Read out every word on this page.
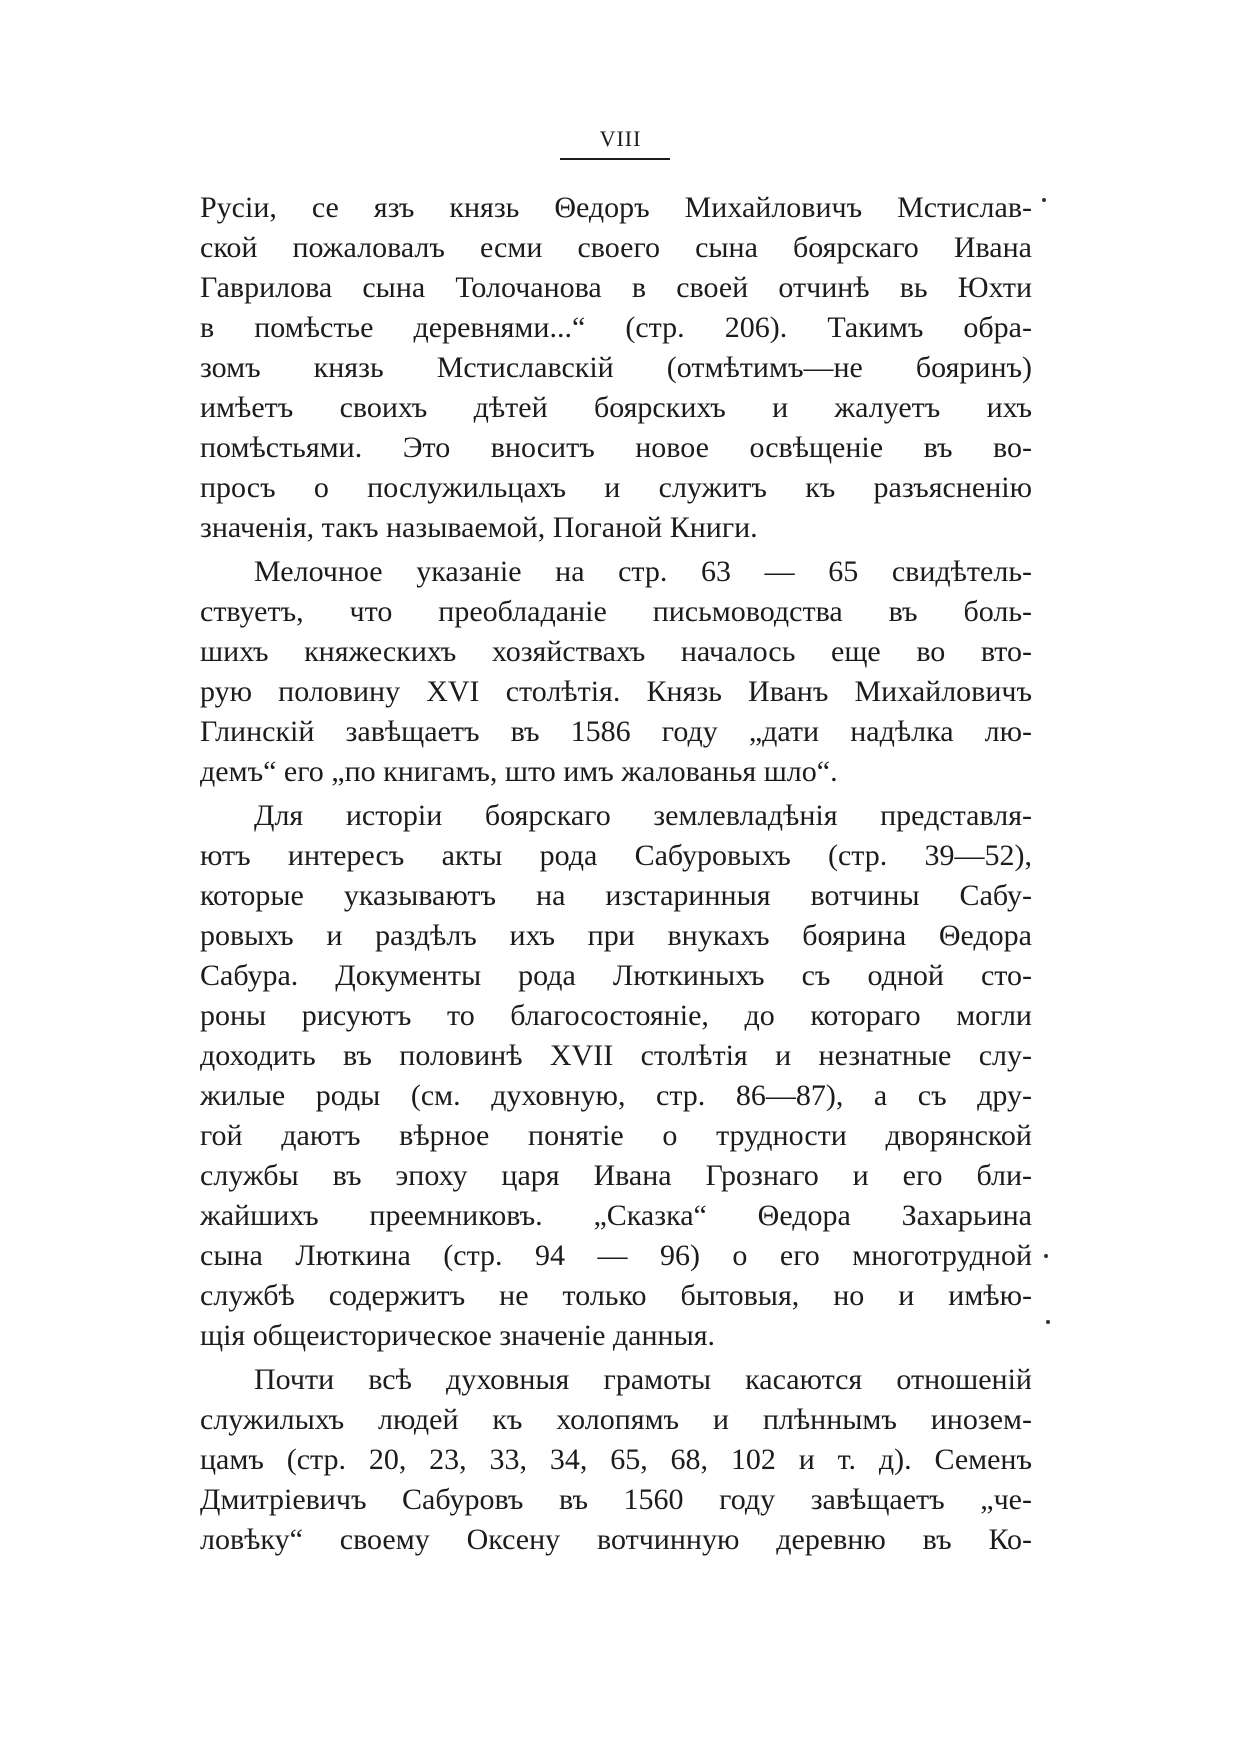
VIII
Русiи, се язъ князь Θедоръ Михайловичъ Мстислав-
ской пожаловалъ есми своего сына боярскаго Ивана
Гаврилова сына Толочанова в своей отчинѣ вь Юхти
в помѣстье деревнями...“ (стр. 206). Такимъ обра-
зомъ князь Мстиславскiй (отмѣтимъ—не бояринъ)
имѣетъ своихъ дѣтей боярскихъ и жалуетъ ихъ
помѣстьями. Это вноситъ новое освѣщенiе въ во-
просъ о послужильцахъ и служитъ къ разъясненiю
значенiя, такъ называемой, Поганой Книги.
Мелочное указанiе на стр. 63 — 65 свидѣтель-
ствуетъ, что преобладанiе письмоводства въ боль-
шихъ княжескихъ хозяйствахъ началось еще во вто-
рую половину XVI столѣтiя. Князь Иванъ Михайловичъ
Глинскiй завѣщаетъ въ 1586 году „дати надѣлка лю-
демъ“ его „по книгамъ, што имъ жалованья шло“.
Для исторiи боярскаго землевладѣнiя представля-
ютъ интересъ акты рода Сабуровыхъ (стр. 39—52),
которые указываютъ на изстаринныя вотчины Сабу-
ровыхъ и раздѣлъ ихъ при внукахъ боярина Θедора
Сабура. Документы рода Люткиныхъ съ одной сто-
роны рисуютъ то благосостоянiе, до котораго могли
доходить въ половинѣ XVII столѣтiя и незнатные слу-
жилые роды (см. духовную, стр. 86—87), а съ дру-
гой даютъ вѣрное понятiе о трудности дворянской
службы въ эпоху царя Ивана Грознаго и его бли-
жайшихъ преемниковъ. „Сказка“ Θедора Захарьина
сына Люткина (стр. 94 — 96) о его многотрудной
службѣ содержитъ не только бытовыя, но и имѣю-
щiя общеисторическое значенiе данныя.
Почти всѣ духовныя грамоты касаются отношенiй
служилыхъ людей къ холопямъ и плѣннымъ инозем-
цамъ (стр. 20, 23, 33, 34, 65, 68, 102 и т. д). Семенъ
Дмитрiевичъ Сабуровъ въ 1560 году завѣщаетъ „че-
ловѣку“ своему Оксену вотчинную деревню въ Ко-
